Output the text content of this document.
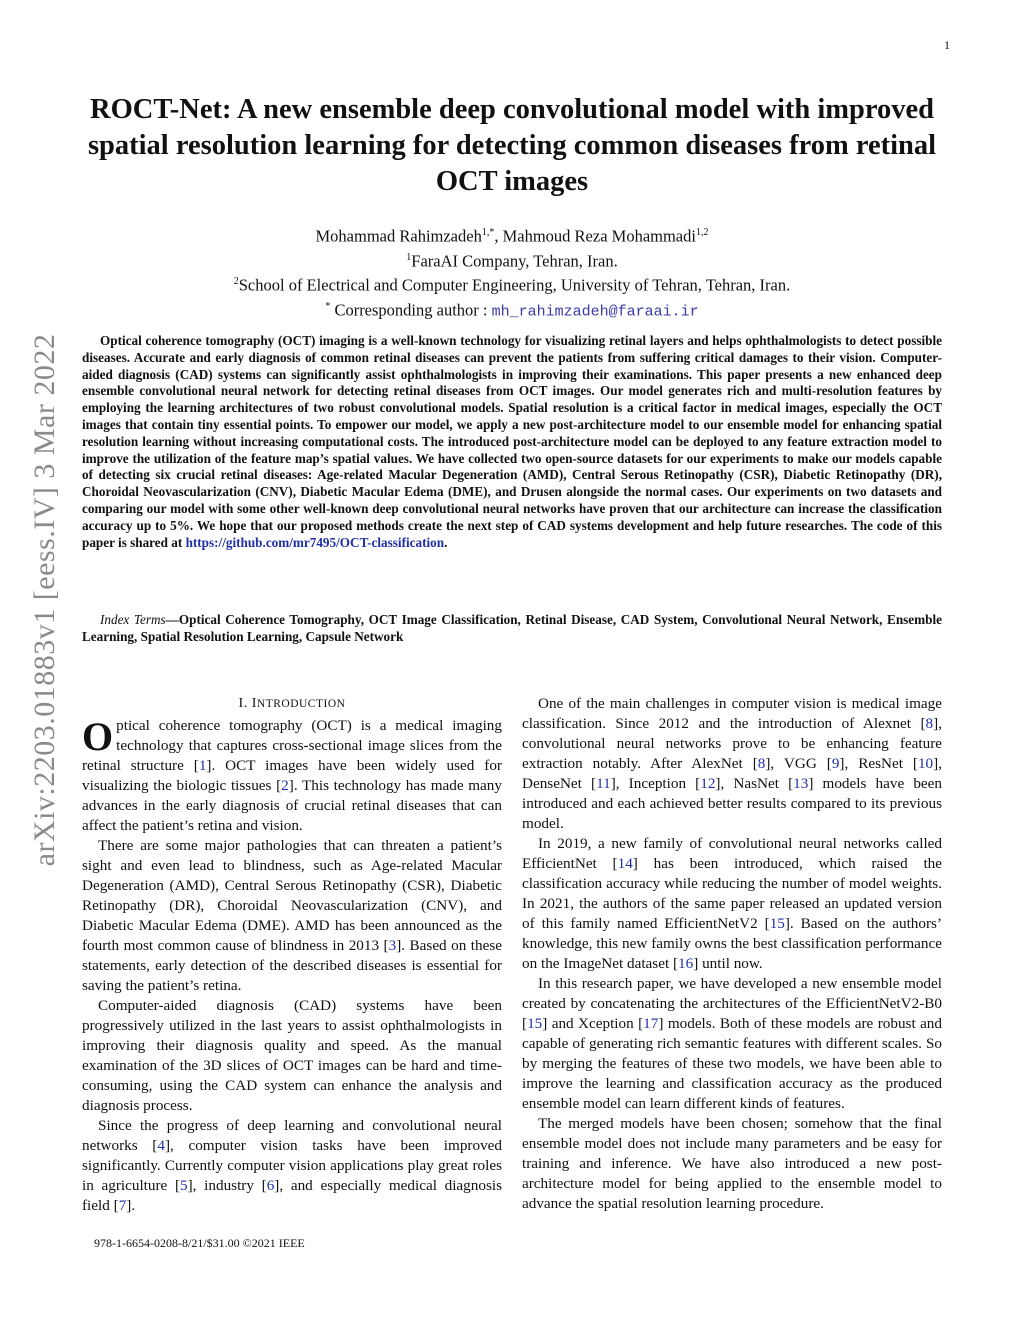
1
arXiv:2203.01883v1 [eess.IV] 3 Mar 2022
ROCT-Net: A new ensemble deep convolutional model with improved spatial resolution learning for detecting common diseases from retinal OCT images
Mohammad Rahimzadeh$^{1,*}$, Mahmoud Reza Mohammadi$^{1,2}$
$^1$FaraAI Company, Tehran, Iran.
$^2$School of Electrical and Computer Engineering, University of Tehran, Tehran, Iran.
* Corresponding author : mh_rahimzadeh@faraai.ir

Optical coherence tomography (OCT) imaging is a well-known technology for visualizing retinal layers and helps ophthalmologists to detect possible diseases. Accurate and early diagnosis of common retinal diseases can prevent the patients from suffering critical damages to their vision. Computer-aided diagnosis (CAD) systems can significantly assist ophthalmologists in improving their examinations. This paper presents a new enhanced deep ensemble convolutional neural network for detecting retinal diseases from OCT images. Our model generates rich and multi-resolution features by employing the learning architectures of two robust convolutional models. Spatial resolution is a critical factor in medical images, especially the OCT images that contain tiny essential points. To empower our model, we apply a new post-architecture model to our ensemble model for enhancing spatial resolution learning without increasing computational costs. The introduced post-architecture model can be deployed to any feature extraction model to improve the utilization of the feature map’s spatial values. We have collected two open-source datasets for our experiments to make our models capable of detecting six crucial retinal diseases: Age-related Macular Degeneration (AMD), Central Serous Retinopathy (CSR), Diabetic Retinopathy (DR), Choroidal Neovascularization (CNV), Diabetic Macular Edema (DME), and Drusen alongside the normal cases. Our experiments on two datasets and comparing our model with some other well-known deep convolutional neural networks have proven that our architecture can increase the classification accuracy up to 5%. We hope that our proposed methods create the next step of CAD systems development and help future researches. The code of this paper is shared at https://github.com/mr7495/OCT-classification.

Index Terms—Optical Coherence Tomography, OCT Image Classification, Retinal Disease, CAD System, Convolutional Neural Network, Ensemble Learning, Spatial Resolution Learning, Capsule Network

I. INTRODUCTION

Optical coherence tomography (OCT) is a medical imaging technology that captures cross-sectional image slices from the retinal structure [1]. OCT images have been widely used for visualizing the biologic tissues [2]. This technology has made many advances in the early diagnosis of crucial retinal diseases that can affect the patient’s retina and vision.

There are some major pathologies that can threaten a patient’s sight and even lead to blindness, such as Age-related Macular Degeneration (AMD), Central Serous Retinopathy (CSR), Diabetic Retinopathy (DR), Choroidal Neovascularization (CNV), and Diabetic Macular Edema (DME). AMD has been announced as the fourth most common cause of blindness in 2013 [3]. Based on these statements, early detection of the described diseases is essential for saving the patient’s retina.

Computer-aided diagnosis (CAD) systems have been progressively utilized in the last years to assist ophthalmologists in improving their diagnosis quality and speed. As the manual examination of the 3D slices of OCT images can be hard and time-consuming, using the CAD system can enhance the analysis and diagnosis process.

Since the progress of deep learning and convolutional neural networks [4], computer vision tasks have been improved significantly. Currently computer vision applications play great roles in agriculture [5], industry [6], and especially medical diagnosis field [7].

One of the main challenges in computer vision is medical image classification. Since 2012 and the introduction of Alexnet [8], convolutional neural networks prove to be enhancing feature extraction notably. After AlexNet [8], VGG [9], ResNet [10], DenseNet [11], Inception [12], NasNet [13] models have been introduced and each achieved better results compared to its previous model.

In 2019, a new family of convolutional neural networks called EfficientNet [14] has been introduced, which raised the classification accuracy while reducing the number of model weights. In 2021, the authors of the same paper released an updated version of this family named EfficientNetV2 [15]. Based on the authors’ knowledge, this new family owns the best classification performance on the ImageNet dataset [16] until now.

In this research paper, we have developed a new ensemble model created by concatenating the architectures of the EfficientNetV2-B0 [15] and Xception [17] models. Both of these models are robust and capable of generating rich semantic features with different scales. So by merging the features of these two models, we have been able to improve the learning and classification accuracy as the produced ensemble model can learn different kinds of features.

The merged models have been chosen; somehow that the final ensemble model does not include many parameters and be easy for training and inference. We have also introduced a new post-architecture model for being applied to the ensemble model to advance the spatial resolution learning procedure.

978-1-6654-0208-8/21/$31.00 ©2021 IEEE
